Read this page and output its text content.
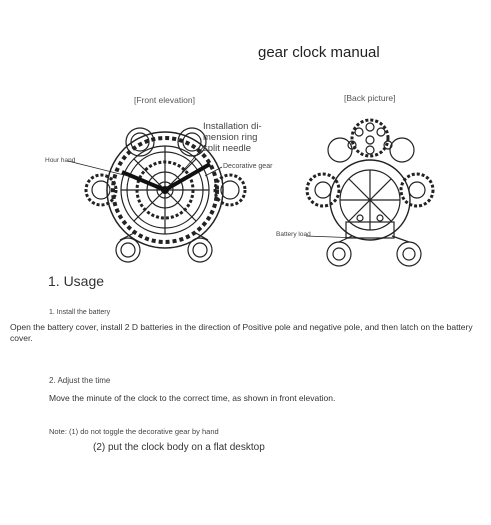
gear clock manual
[Front elevation]	[Back picture]
Installation di-mension ring split needle
Hour hand
Decorative gear
Battery load
1. Usage
1. Install the battery
Open the battery cover, install 2 D batteries in the direction of Positive pole and negative pole, and then latch on the battery cover.
2. Adjust the time
Move the minute of the clock to the correct time, as shown in front elevation.
Note: (1) do not toggle the decorative gear by hand
(2) put the clock body on a flat desktop
